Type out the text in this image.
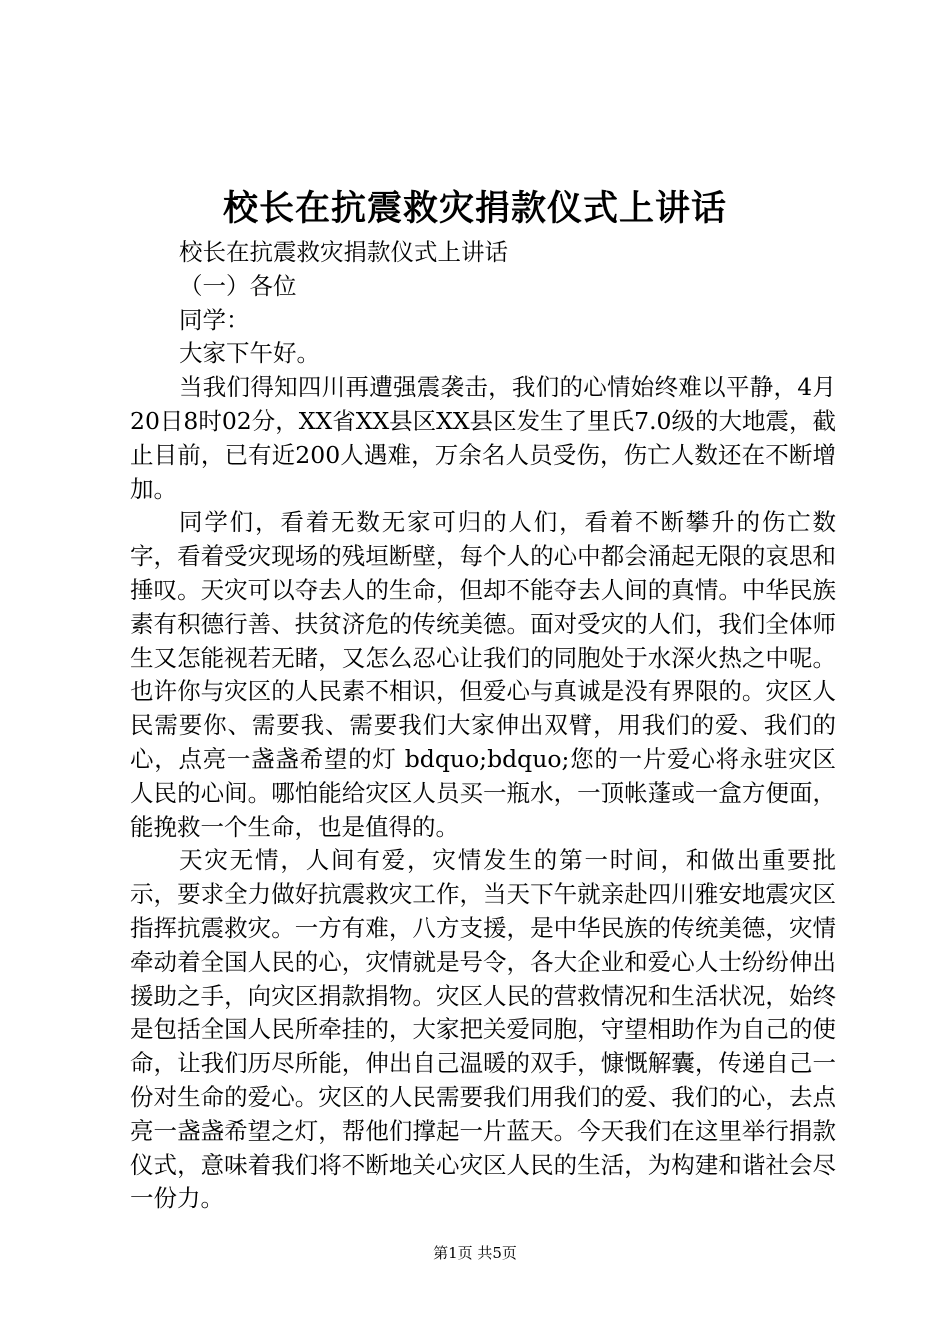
校长在抗震救灾捐款仪式上讲话

校长在抗震救灾捐款仪式上讲话

（一）各位

同学：

大家下午好。

当我们得知四川再遭强震袭击，我们的心情始终难以平静，4月20日8时02分，XX省XX县区XX县区发生了里氏7.0级的大地震，截止目前，已有近200人遇难，万余名人员受伤，伤亡人数还在不断增加。

同学们，看着无数无家可归的人们，看着不断攀升的伤亡数字，看着受灾现场的残垣断壁，每个人的心中都会涌起无限的哀思和捶叹。天灾可以夺去人的生命，但却不能夺去人间的真情。中华民族素有积德行善、扶贫济危的传统美德。面对受灾的人们，我们全体师生又怎能视若无睹，又怎么忍心让我们的同胞处于水深火热之中呢。也许你与灾区的人民素不相识，但爱心与真诚是没有界限的。灾区人民需要你、需要我、需要我们大家伸出双臂，用我们的爱、我们的心，点亮一盏盏希望的灯 bdquo;bdquo;您的一片爱心将永驻灾区人民的心间。哪怕能给灾区人员买一瓶水，一顶帐蓬或一盒方便面，能挽救一个生命，也是值得的。

天灾无情，人间有爱，灾情发生的第一时间，和做出重要批示，要求全力做好抗震救灾工作，当天下午就亲赴四川雅安地震灾区指挥抗震救灾。一方有难，八方支援，是中华民族的传统美德，灾情牵动着全国人民的心，灾情就是号令，各大企业和爱心人士纷纷伸出援助之手，向灾区捐款捐物。灾区人民的营救情况和生活状况，始终是包括全国人民所牵挂的，大家把关爱同胞，守望相助作为自己的使命，让我们历尽所能，伸出自己温暖的双手，慷慨解囊，传递自己一份对生命的爱心。灾区的人民需要我们用我们的爱、我们的心，去点亮一盏盏希望之灯，帮他们撑起一片蓝天。今天我们在这里举行捐款仪式，意味着我们将不断地关心灾区人民的生活，为构建和谐社会尽一份力。

第1页 共5页
